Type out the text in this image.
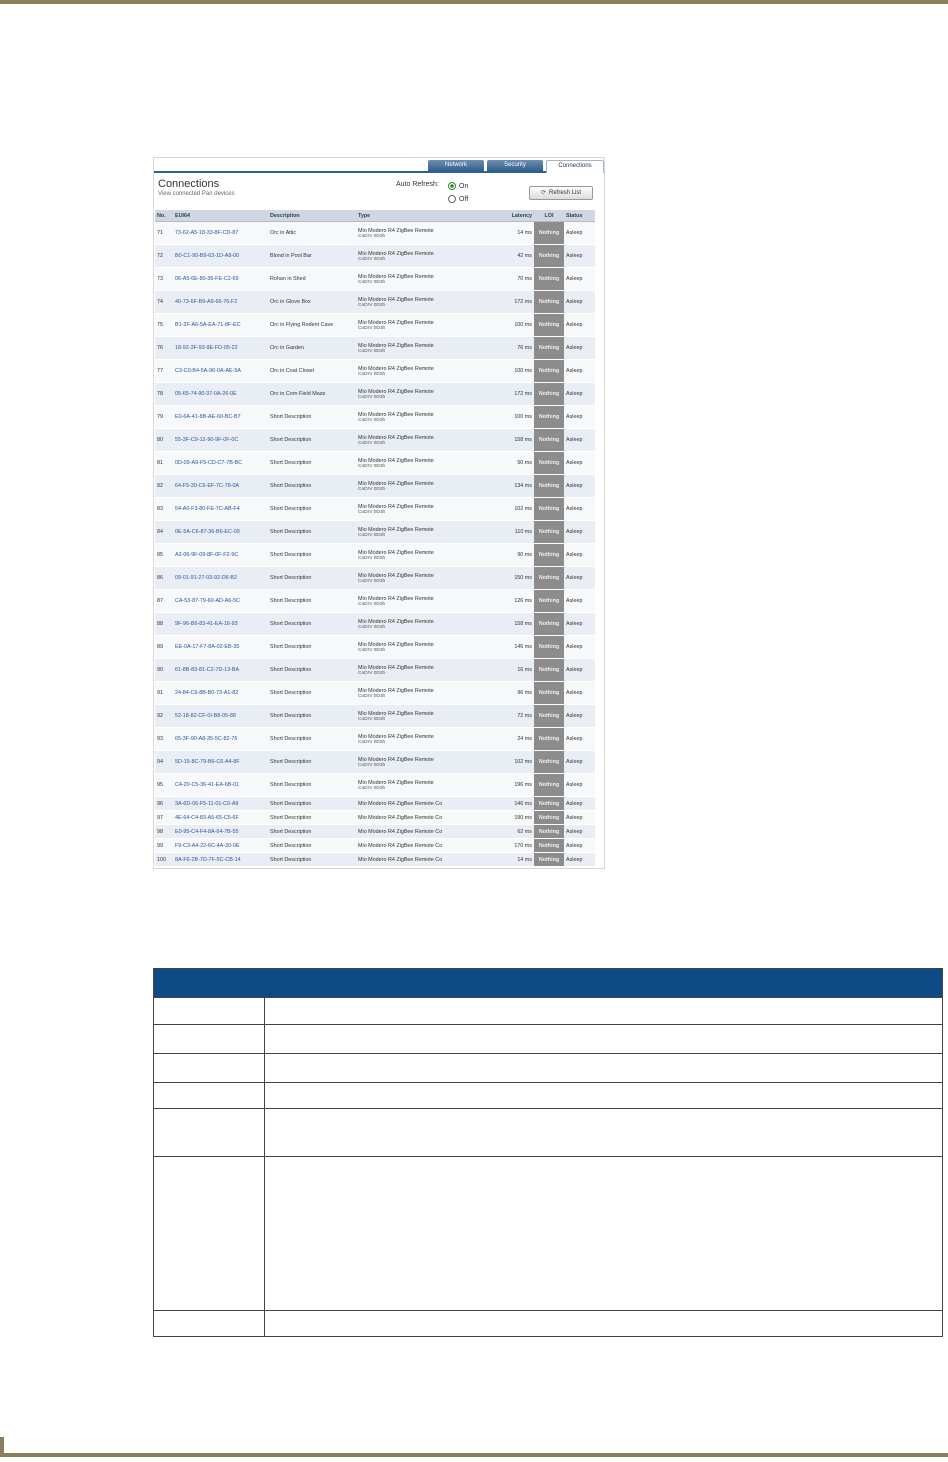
Network	Security	Connections
Connections
View connected Pan devices
Auto Refresh:	On
Off
⟳ Refresh List
No.	EUI64	Description	Type	Latency	LOI	Status
71	73-62-A5-18-33-8F-CD-87	Orc in Attic	Mio Modero R4 ZigBee Remote
CoDrV 0D3h	14 ms	Nothing	Asleep
72	B0-C1-90-B9-63-1D-A8-00	Blond in Pool Bar	Mio Modero R4 ZigBee Remote
CoDrV 0D3h	42 ms	Nothing	Asleep
73	06-A5-6E-80-36-FE-C2-69	Rohan in Shed	Mio Modero R4 ZigBee Remote
CoDrV 0D3h	70 ms	Nothing	Asleep
74	40-73-6F-B9-A9-66-76-F2	Orc in Glove Box	Mio Modero R4 ZigBee Remote
CoDrV 0D3h	172 ms	Nothing	Asleep
75	B1-2F-A6-5A-EA-71-8F-EC	Orc in Flying Rodent Cave	Mio Modero R4 ZigBee Remote
CoDrV 0D3h	100 ms	Nothing	Asleep
76	18-92-3F-93-9E-FD-05-22	Orc in Garden	Mio Modero R4 ZigBee Remote
CoDrV 0D3h	76 ms	Nothing	Asleep
77	C3-C0-B4-5A-96-0A-AE-5A	Orc in Coat Closet	Mio Modero R4 ZigBee Remote
CoDrV 0D3h	100 ms	Nothing	Asleep
78	05-65-74-90-37-0A-26-0E	Orc in Corn Field Maze	Mio Modero R4 ZigBee Remote
CoDrV 0D3h	172 ms	Nothing	Asleep
79	E0-6A-41-8B-AE-60-BC-B7	Short Description	Mio Modero R4 ZigBee Remote
CoDrV 0D3h	100 ms	Nothing	Asleep
80	55-3F-C9-12-90-9F-0F-0C	Short Description	Mio Modero R4 ZigBee Remote
CoDrV 0D3h	158 ms	Nothing	Asleep
81	0D-09-A9-F5-CD-C7-7B-BC	Short Description	Mio Modero R4 ZigBee Remote
CoDrV 0D3h	50 ms	Nothing	Asleep
82	64-F5-30-C6-EF-7C-78-0A	Short Description	Mio Modero R4 ZigBee Remote
CoDrV 0D3h	134 ms	Nothing	Asleep
83	54-A0-F3-80-FE-7C-AB-F4	Short Description	Mio Modero R4 ZigBee Remote
CoDrV 0D3h	102 ms	Nothing	Asleep
84	0E-5A-C6-87-36-B6-EC-09	Short Description	Mio Modero R4 ZigBee Remote
CoDrV 0D3h	110 ms	Nothing	Asleep
85	A2-06-9F-09-8F-0F-F2-9C	Short Description	Mio Modero R4 ZigBee Remote
CoDrV 0D3h	90 ms	Nothing	Asleep
86	09-01-91-27-03-92-D6-B2	Short Description	Mio Modero R4 ZigBee Remote
CoDrV 0D3h	150 ms	Nothing	Asleep
87	CA-53-87-79-60-AD-A6-5C	Short Description	Mio Modero R4 ZigBee Remote
CoDrV 0D3h	126 ms	Nothing	Asleep
88	9F-96-B6-83-41-EA-16-93	Short Description	Mio Modero R4 ZigBee Remote
CoDrV 0D3h	158 ms	Nothing	Asleep
89	EE-0A-17-F7-8A-02-EB-35	Short Description	Mio Modero R4 ZigBee Remote
CoDrV 0D3h	146 ms	Nothing	Asleep
90	61-8B-83-81-C2-7D-13-BA	Short Description	Mio Modero R4 ZigBee Remote
CoDrV 0D3h	16 ms	Nothing	Asleep
91	24-84-C6-8B-B0-73-A1-82	Short Description	Mio Modero R4 ZigBee Remote
CoDrV 0D3h	96 ms	Nothing	Asleep
92	52-18-82-CF-0I-B8-05-88	Short Description	Mio Modero R4 ZigBee Remote
CoDrV 0D3h	72 ms	Nothing	Asleep
93	65-3F-90-A8-35-5C-82-76	Short Description	Mio Modero R4 ZigBee Remote
CoDrV 0D3h	24 ms	Nothing	Asleep
94	5D-15-8C-79-B6-C6-A4-8F	Short Description	Mio Modero R4 ZigBee Remote
CoDrV 0D3h	102 ms	Nothing	Asleep
95	C4-20-C5-36-41-EA-6B-01	Short Description	Mio Modero R4 ZigBee Remote
CoDrV 0D3h	196 ms	Nothing	Asleep
96	3A-6D-06-F5-11-01-C0-A9	Short Description	Mio Modero R4 ZigBee Remote Co	146 ms	Nothing	Asleep
97	4E-64-C4-83-A5-65-C5-6F	Short Description	Mio Modero R4 ZigBee Remote Co	190 ms	Nothing	Asleep
98	E0-95-C4-F4-8A-64-7B-55	Short Description	Mio Modero R4 ZigBee Remote Co	62 ms	Nothing	Asleep
99	F9-C3-A4-22-6C-4A-30-0E	Short Description	Mio Modero R4 ZigBee Remote Co	170 ms	Nothing	Asleep
100	8A-F6-2B-7D-7F-5C-CB-14	Short Description	Mio Modero R4 ZigBee Remote Co	14 ms	Nothing	Asleep
